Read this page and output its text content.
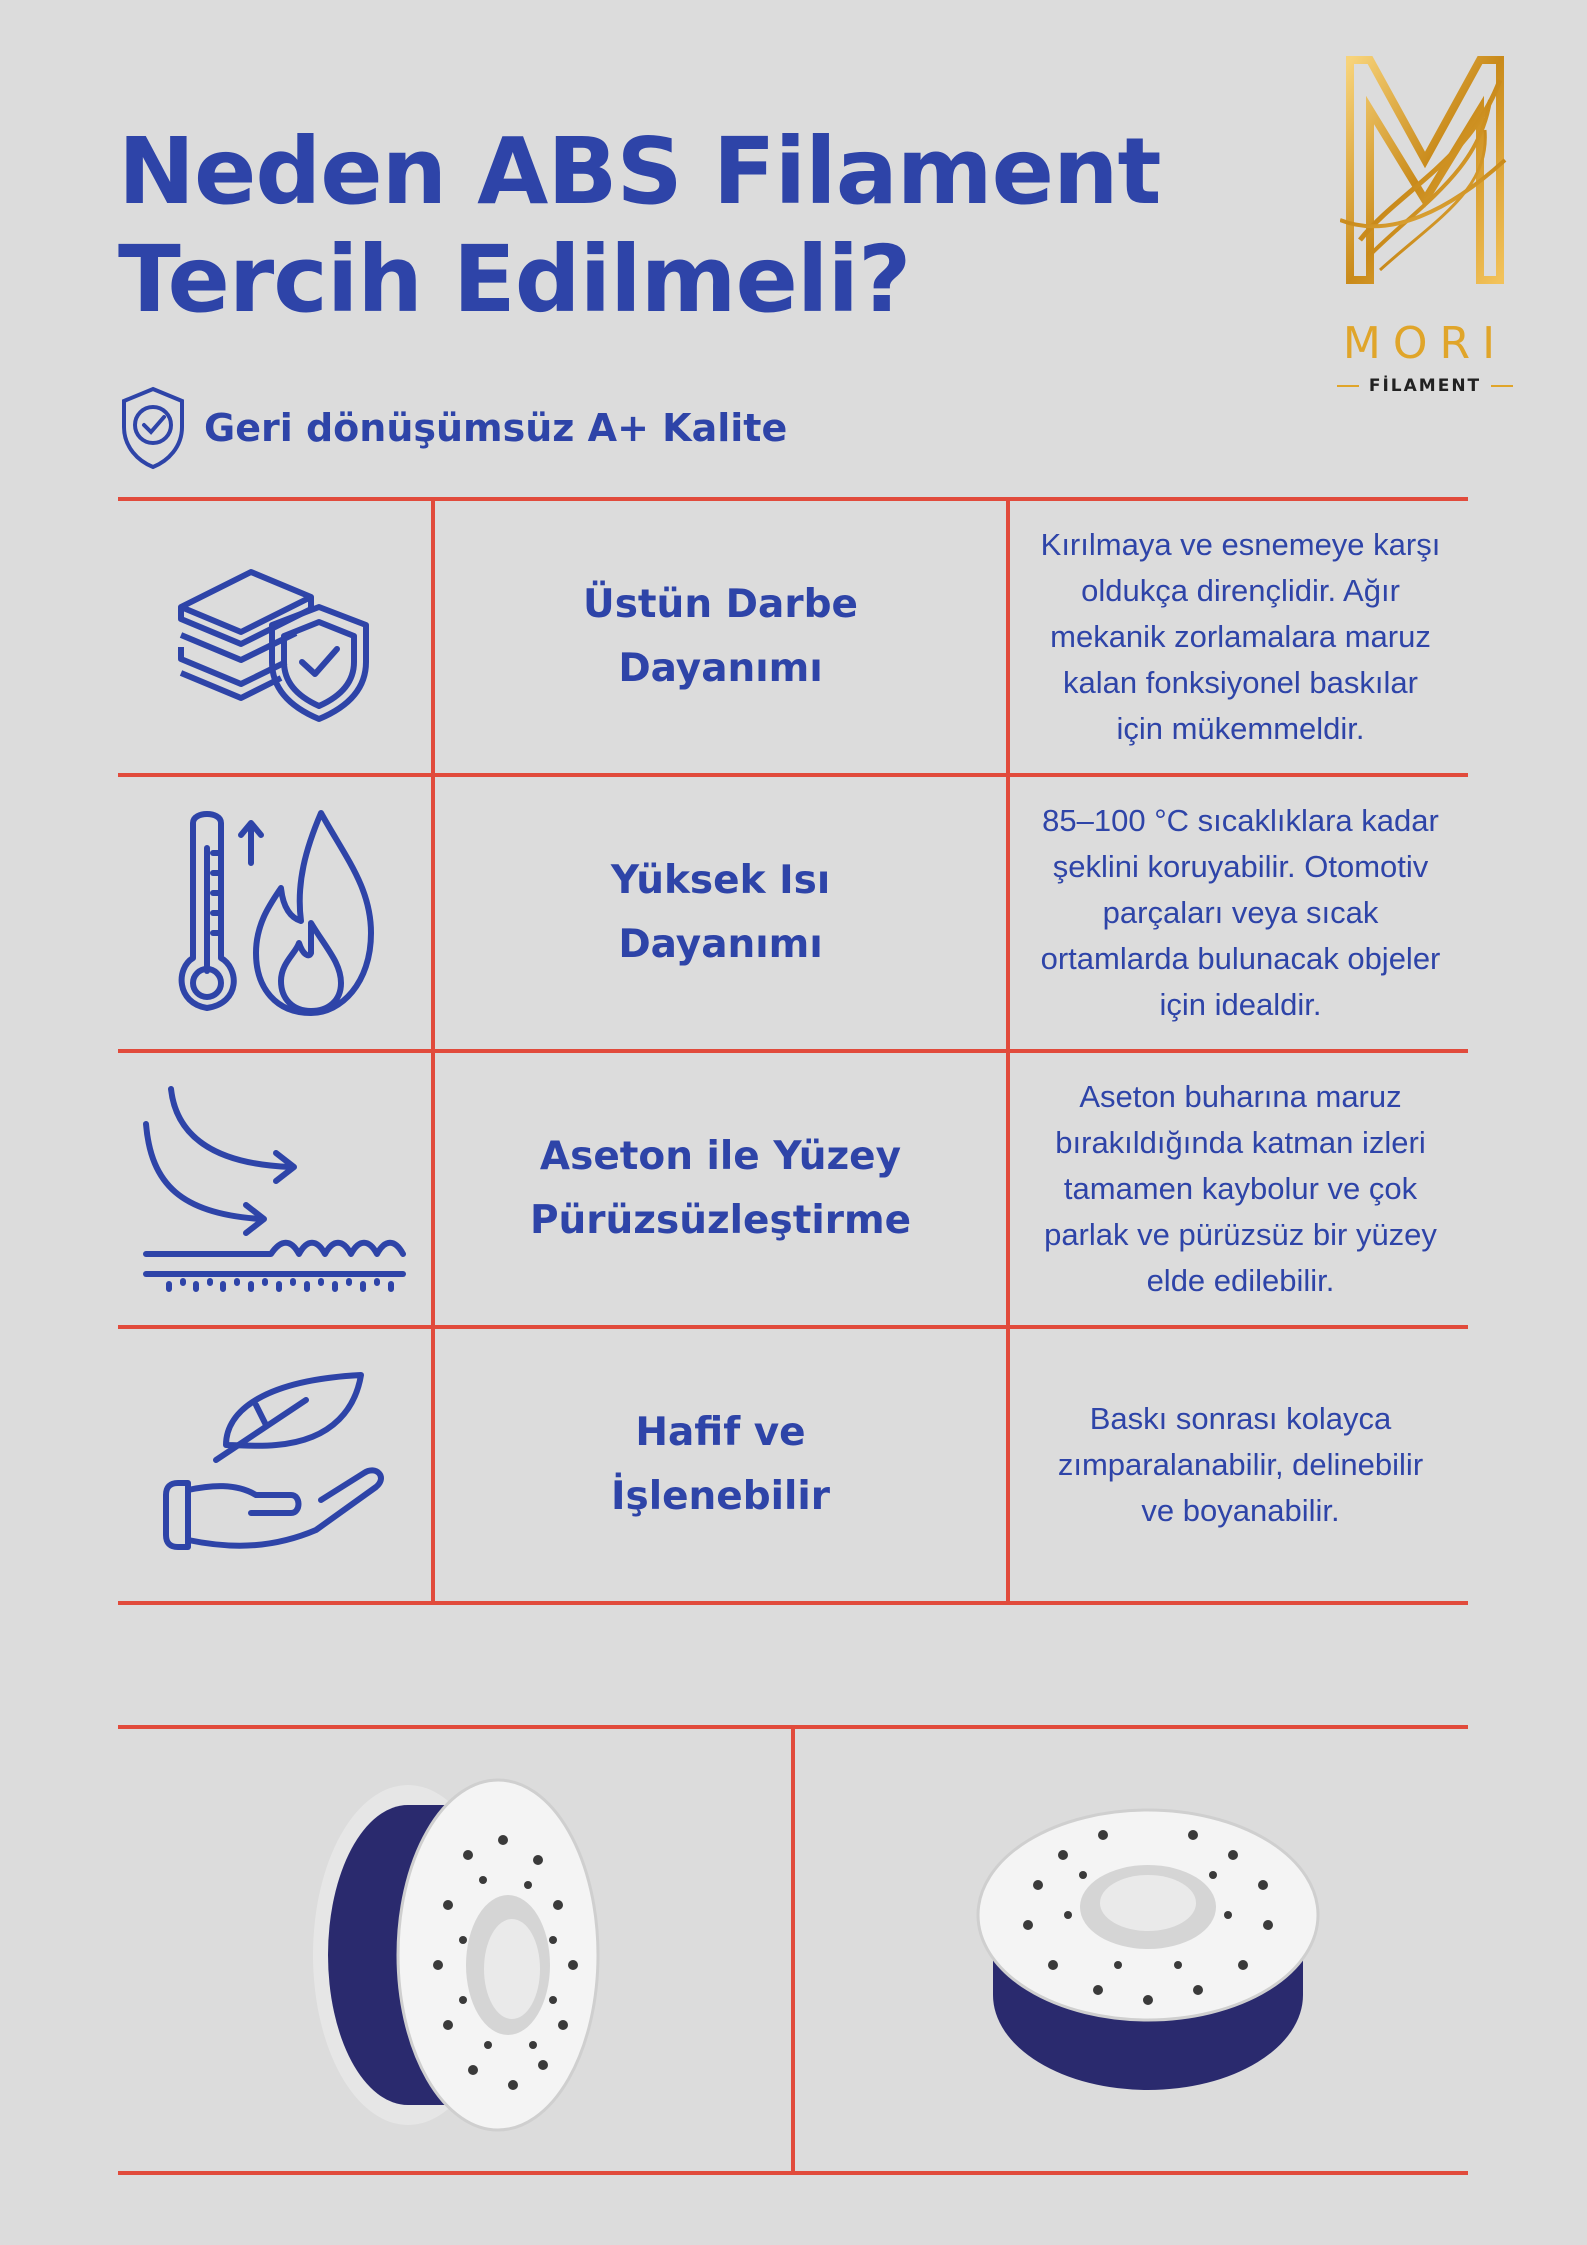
Neden ABS Filament
Tercih Edilmeli?
MORI
FİLAMENT
Geri dönüşümsüz A+ Kalite
Üstün Darbe
Dayanımı
Kırılmaya ve esnemeye karşı oldukça dirençlidir. Ağır mekanik zorlamalara maruz kalan fonksiyonel baskılar için mükemmeldir.
Yüksek Isı
Dayanımı
85–100 °C sıcaklıklara kadar şeklini koruyabilir. Otomotiv parçaları veya sıcak ortamlarda bulunacak objeler için idealdir.
Aseton ile Yüzey
Pürüzsüzleştirme
Aseton buharına maruz bırakıldığında katman izleri tamamen kaybolur ve çok parlak ve pürüzsüz bir yüzey elde edilebilir.
Hafif ve
İşlenebilir
Baskı sonrası kolayca zımparalanabilir, delinebilir ve boyanabilir.
